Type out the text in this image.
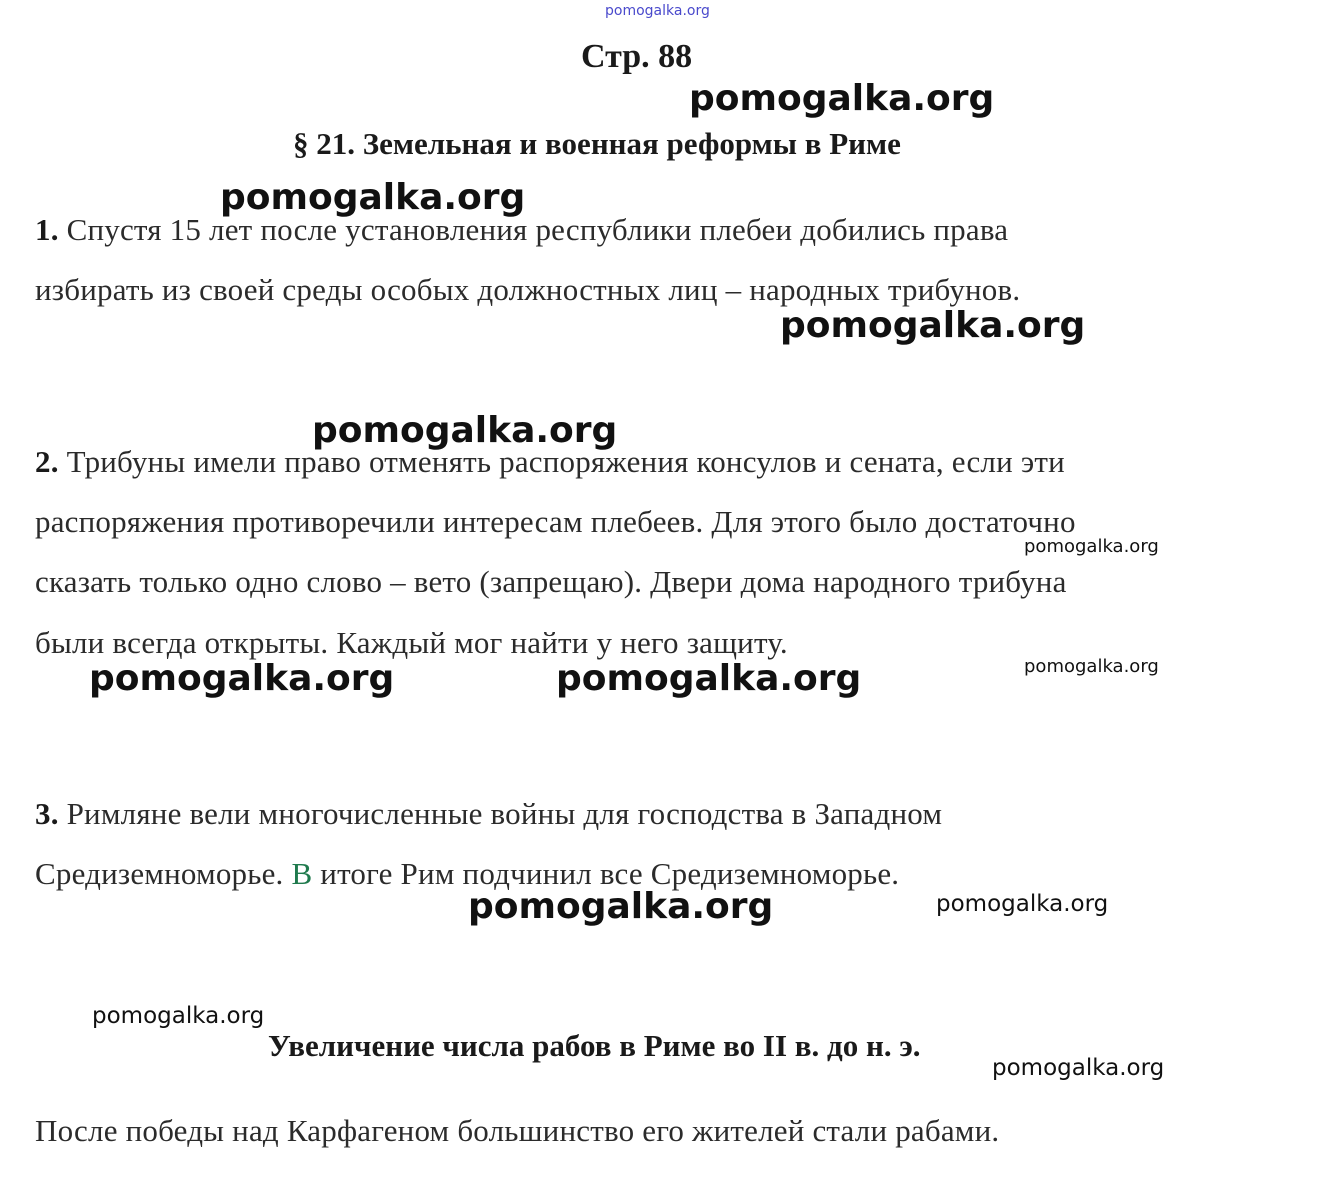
pomogalka.org
Стр. 88
pomogalka.org
§ 21. Земельная и военная реформы в Риме
pomogalka.org
1. Спустя 15 лет после установления республики плебеи добились права
избирать из своей среды особых должностных лиц – народных трибунов.
pomogalka.org
pomogalka.org
2. Трибуны имели право отменять распоряжения консулов и сената, если эти
распоряжения противоречили интересам плебеев. Для этого было достаточно
pomogalka.org
сказать только одно слово – вето (запрещаю). Двери дома народного трибуна
были всегда открыты. Каждый мог найти у него защиту.
pomogalka.org
pomogalka.org	pomogalka.org
3. Римляне вели многочисленные войны для господства в Западном
Средиземноморье. В итоге Рим подчинил все Средиземноморье.
pomogalka.org	pomogalka.org
pomogalka.org
Увеличение числа рабов в Риме во II в. до н. э.
pomogalka.org
После победы над Карфагеном большинство его жителей стали рабами.
